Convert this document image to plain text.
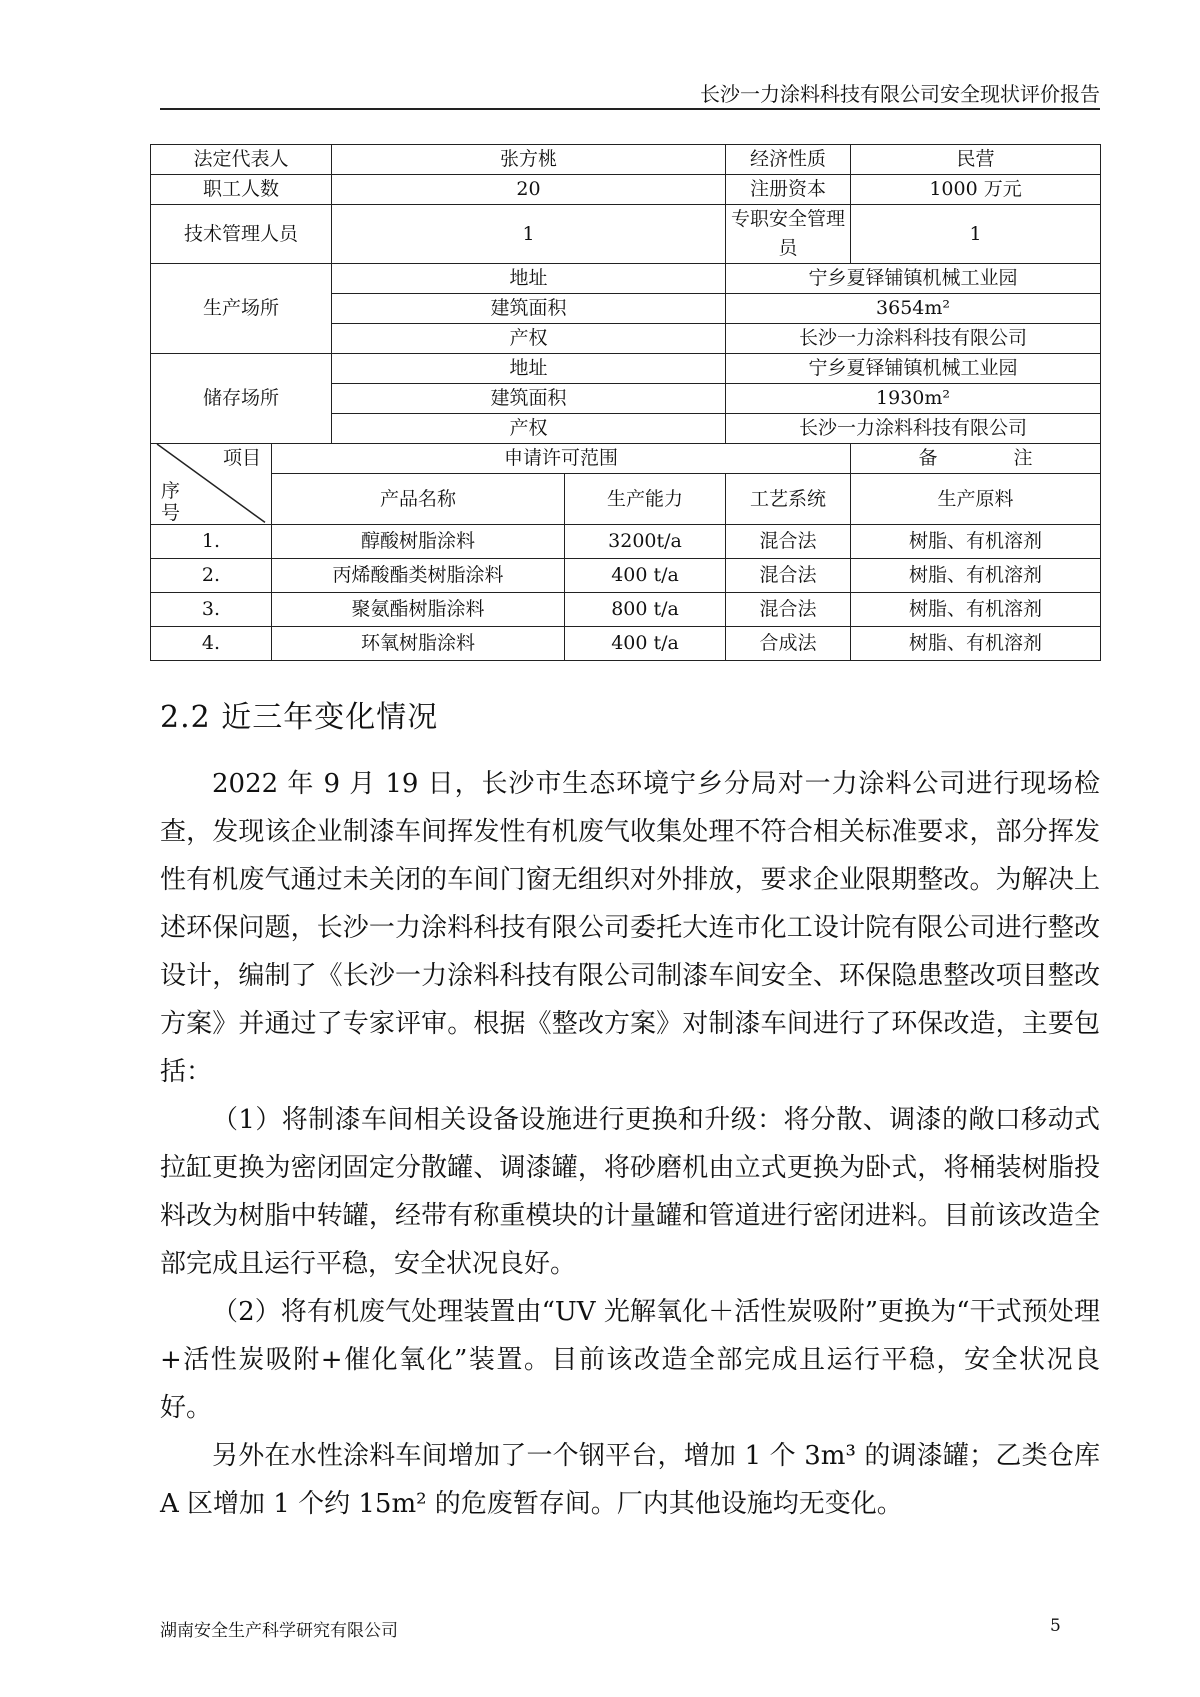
长沙一力涂料科技有限公司安全现状评价报告
法定代表人		张方桃		经济性质	民营
职工人数		20		注册资本	1000 万元
技术管理人员		1		专职安全管理员	1
生产场所		地址		宁乡夏铎铺镇机械工业园	
		建筑面积		3654m²	
		产权		长沙一力涂料科技有限公司	
储存场所		地址		宁乡夏铎铺镇机械工业园	
		建筑面积		1930m²	
		产权		长沙一力涂料科技有限公司	

项目
序号	申请许可范围				备　　　　注
	产品名称		生产能力	工艺系统	生产原料
1.	醇酸树脂涂料		3200t/a	混合法	树脂、有机溶剂
2.	丙烯酸酯类树脂涂料		400 t/a	混合法	树脂、有机溶剂
3.	聚氨酯树脂涂料		800 t/a	混合法	树脂、有机溶剂
4.	环氧树脂涂料		400 t/a	合成法	树脂、有机溶剂
2.2 近三年变化情况

2022 年 9 月 19 日，长沙市生态环境宁乡分局对一力涂料公司进行现场检查，发现该企业制漆车间挥发性有机废气收集处理不符合相关标准要求，部分挥发性有机废气通过未关闭的车间门窗无组织对外排放，要求企业限期整改。为解决上述环保问题，长沙一力涂料科技有限公司委托大连市化工设计院有限公司进行整改设计，编制了《长沙一力涂料科技有限公司制漆车间安全、环保隐患整改项目整改方案》并通过了专家评审。根据《整改方案》对制漆车间进行了环保改造，主要包括：

（1）将制漆车间相关设备设施进行更换和升级：将分散、调漆的敞口移动式拉缸更换为密闭固定分散罐、调漆罐，将砂磨机由立式更换为卧式，将桶装树脂投料改为树脂中转罐，经带有称重模块的计量罐和管道进行密闭进料。目前该改造全部完成且运行平稳，安全状况良好。

（2）将有机废气处理装置由“UV 光解氧化＋活性炭吸附”更换为“干式预处理+活性炭吸附+催化氧化”装置。目前该改造全部完成且运行平稳，安全状况良好。

另外在水性涂料车间增加了一个钢平台，增加 1 个 3m³ 的调漆罐；乙类仓库 A 区增加 1 个约 15m² 的危废暂存间。厂内其他设施均无变化。

湖南安全生产科学研究有限公司	5
